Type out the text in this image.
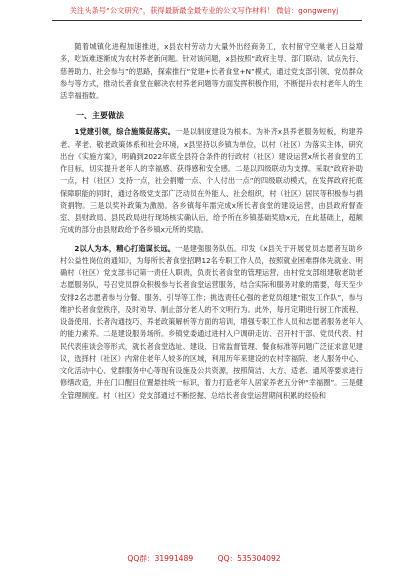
关注头条号“公文研究”，获得最新最全最专业的公文写作材料！ 微信：gongwenyj

随着城镇化进程加速推进，x县农村劳动力大量外出经商务工，农村留守空巢老人日益增多，吃饭难逐渐成为农村养老新问题。针对该问题，x县按照“政府主导、部门联动、试点先行、慈善助力、社会参与”的思路，探索推行“党建+长者食堂+N”模式，通过党支部引领、党员群众参与等方式，推动长者食堂在解决农村养老问题等方面发挥积极作用，不断提升农村老年人的生活幸福指数。

一、主要做法

1党建引领，综合施策促落实。一是以制度建设为根本。为补齐x县养老服务短板，构建养老、孝老、敬老政策体系和社会环境，x县坚持以乡镇为单位，以村（社区）为落实主体，研究出台《实施方案》，明确到2022年底全县符合条件的行政村（社区）建设运营x所长者食堂的工作目标，切实提升老年人的幸福感、获得感和安全感。二是以四级联动为支撑。采取“政府补助一点，村（社区）支持一点，社会捐赠一点、个人付出一点”的四级联动模式，在发挥政府托底保障职能的同时，通过各级党支部广泛动员在外能人、社会组织，村（社区）居民等积极参与捐资捐物。三是以奖补政策为激励。各乡镇每年需完成x所长者食堂的建设运营，由县政府督查室、县财政局、县民政局进行现场核实确认后，给予所在乡镇基础奖励x元，在此基础上，超额完成的部分由县财政给予各乡镇x元所的奖励。

2以人为本，精心打造谋长远。一是建强服务队伍。印发《x县关于开展党员志愿者互助乡村公益性岗位的通知》，为每所长者食堂招聘12名专职工作人员，按照就业困难群体先就业、明确村（社区）党支部书记第一责任人职责，负责长者食堂的管理运营，由村党支部组建敬老助老志愿服务队，号召党员群众积极参与长者食堂运营服务，结合实际和服务对象的需要，每天至少安排2名志愿者参与分餐、服务、引导等工作；挑选责任心强的老党员组建“银发工作队”，参与维护长者食堂秩序，及时劝导、制止部分老人的不文明行为。此外，每月定期进行厨工作流程、设备使用、长者沟通技巧、养老政策解析等方面的培训，增强专职工作人员和志愿者服务老年人的能力素养。二是建设服务场所。乡镇党委通过进村入户调研走访、召开村干部、党员代表、村民代表座谈会等形式，就长者食堂选址、建设、日常监督管理、餐食标准等问题广泛征求意见建议，选择村（社区）内常住老年人较多的区域，利用历年来建设的农村幸福院、老人服务中心、文化活动中心、党群服务中心等现有设施及公共资源，按照简洁、大方、适老、通风等要求进行修缮改造，并在门口醒目位置悬挂统一标识，着力打造老年人居家养老五分钟“幸福圈”。三是健全管理制度。村（社区）党支部通过不断挖掘、总结长者食堂运营期间积累的经验和

QQ群：31991489	QQ：535304092
